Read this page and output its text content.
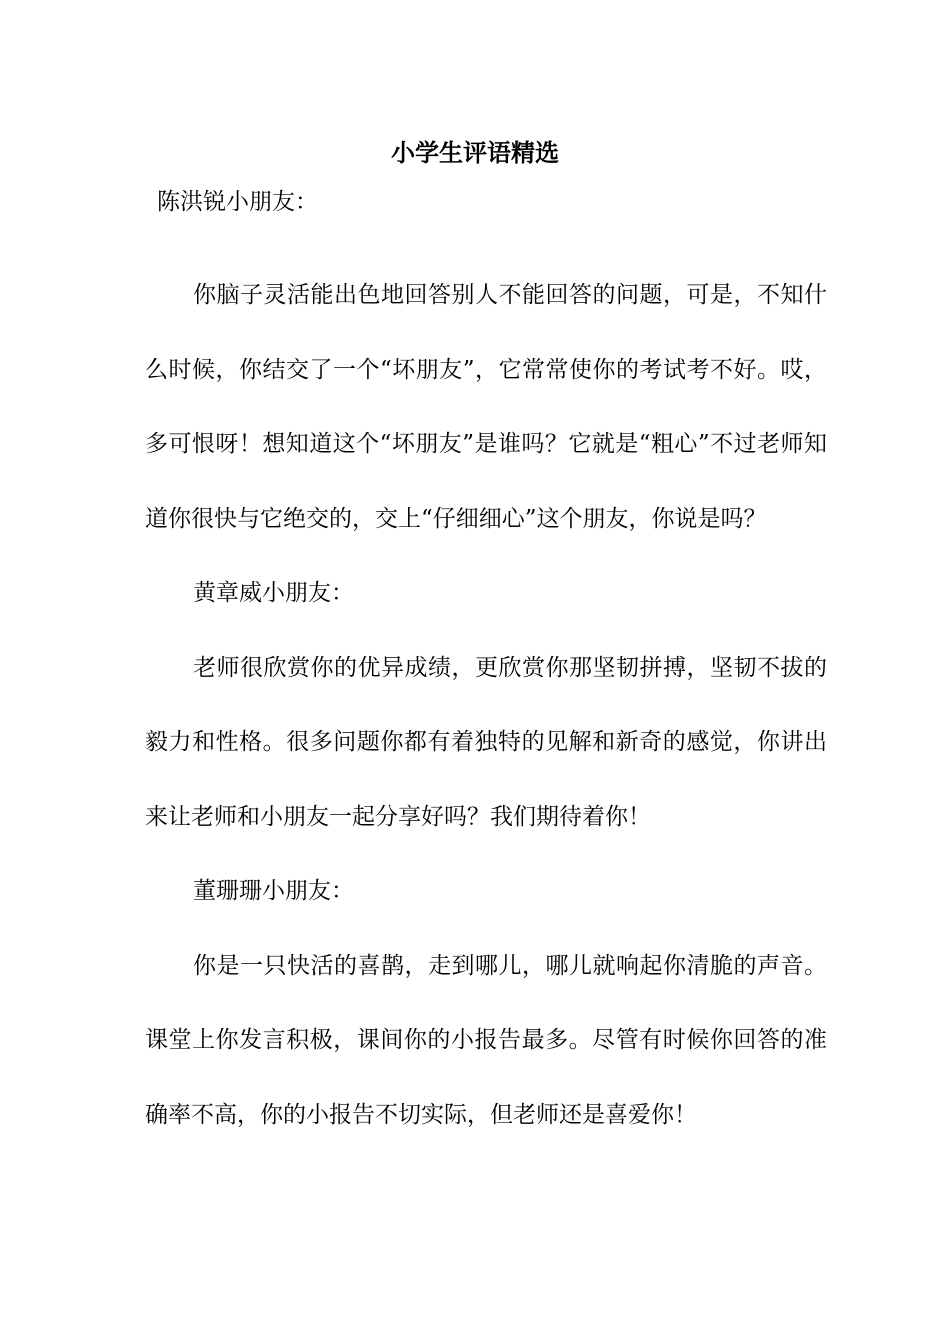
小学生评语精选

陈洪锐小朋友：

你脑子灵活能出色地回答别人不能回答的问题，可是，不知什么时候，你结交了一个“坏朋友”，它常常使你的考试考不好。哎，多可恨呀！想知道这个“坏朋友”是谁吗？它就是“粗心”不过老师知道你很快与它绝交的，交上“仔细细心”这个朋友，你说是吗？

黄章威小朋友：

老师很欣赏你的优异成绩，更欣赏你那坚韧拼搏，坚韧不拔的毅力和性格。很多问题你都有着独特的见解和新奇的感觉，你讲出来让老师和小朋友一起分享好吗？我们期待着你！

董珊珊小朋友：

你是一只快活的喜鹊，走到哪儿，哪儿就响起你清脆的声音。课堂上你发言积极，课间你的小报告最多。尽管有时候你回答的准确率不高，你的小报告不切实际，但老师还是喜爱你！
